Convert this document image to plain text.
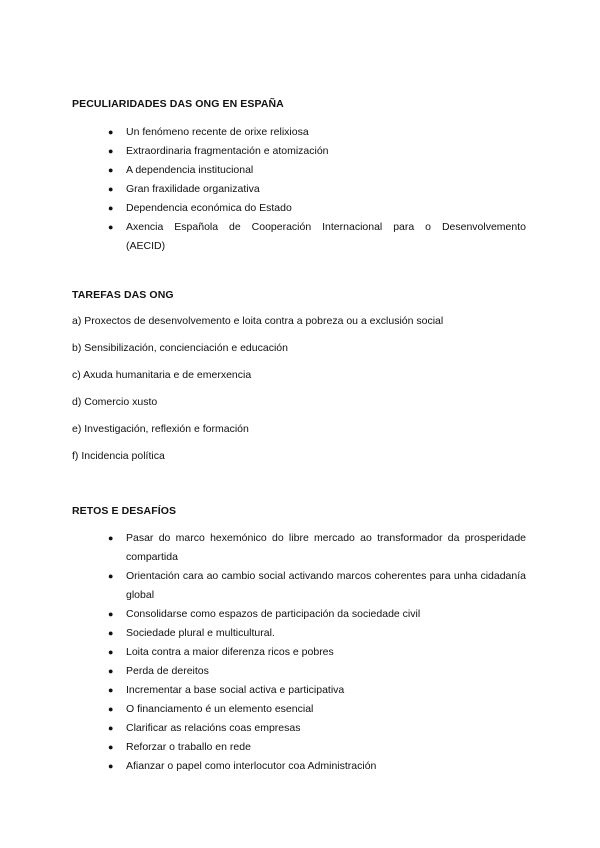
PECULIARIDADES DAS ONG EN ESPAÑA
● Un fenómeno recente de orixe relixiosa
● Extraordinaria fragmentación e atomización
● A dependencia institucional
● Gran fraxilidade organizativa
● Dependencia económica do Estado
● Axencia Española de Cooperación Internacional para o Desenvolvemento (AECID)
TAREFAS DAS ONG

a) Proxectos de desenvolvemento e loita contra a pobreza ou a exclusión social

b) Sensibilización, concienciación e educación

c) Axuda humanitaria e de emerxencia

d) Comercio xusto

e) Investigación, reflexión e formación

f) Incidencia política

RETOS E DESAFÍOS
● Pasar do marco hexemónico do libre mercado ao transformador da prosperidade compartida
● Orientación cara ao cambio social activando marcos coherentes para unha cidadanía global
● Consolidarse como espazos de participación da sociedade civil
● Sociedade plural e multicultural.
● Loita contra a maior diferenza ricos e pobres
● Perda de dereitos
● Incrementar a base social activa e participativa
● O financiamento é un elemento esencial
● Clarificar as relacións coas empresas
● Reforzar o traballo en rede
● Afianzar o papel como interlocutor coa Administración
